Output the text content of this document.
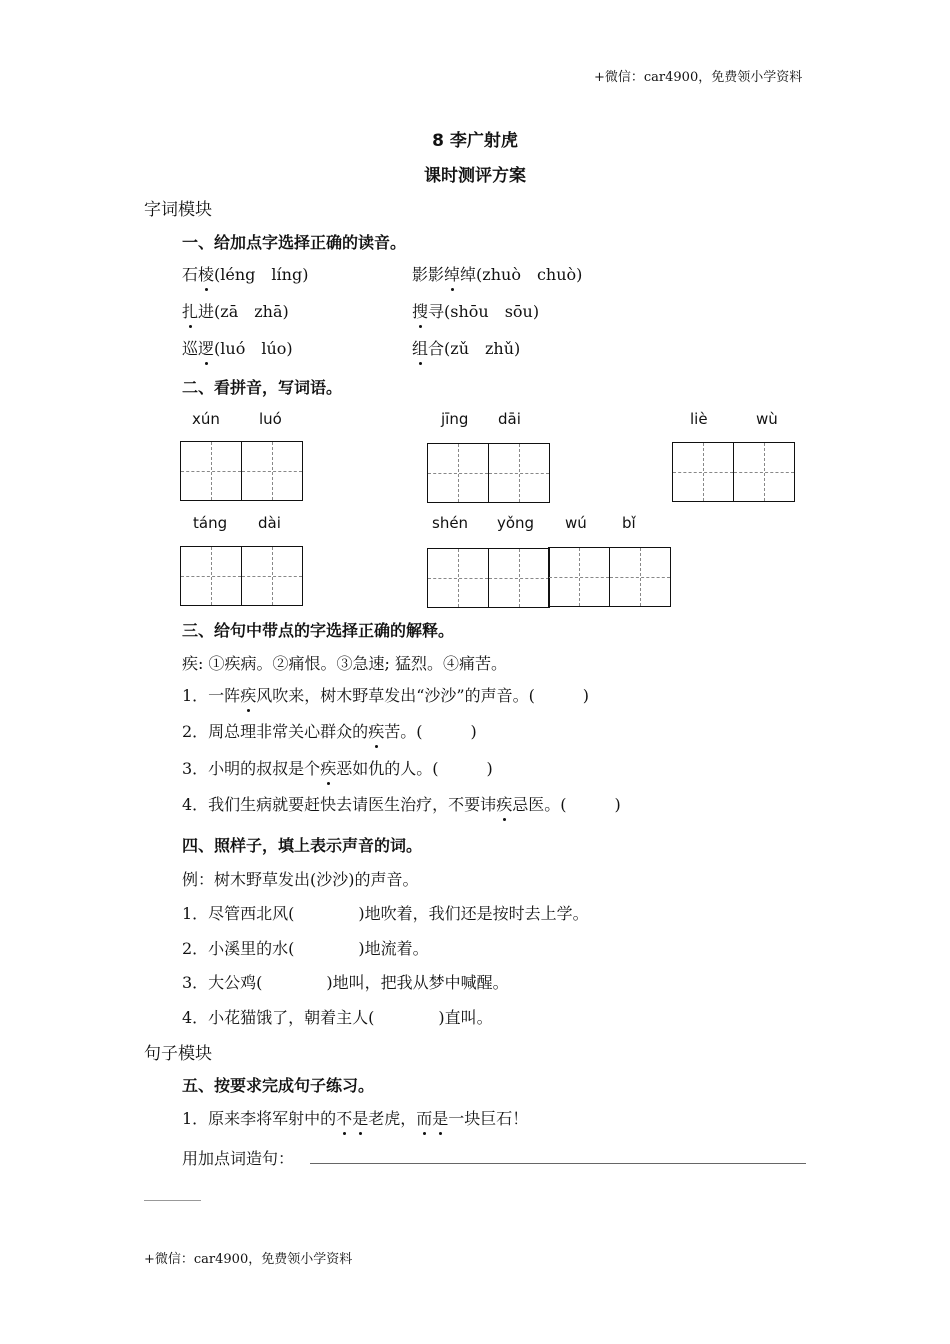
+微信：car4900，免费领小学资料
8 李广射虎
课时测评方案
字词模块
一、给加点字选择正确的读音。
石棱(léng　líng)	影影绰绰(zhuò　chuò)
扎进(zā　zhā)	搜寻(shōu　sōu)
巡逻(luó　lúo)	组合(zǔ　zhǔ)
二、看拼音，写词语。
xún	luó	jīng dāi	liè	wù
táng dài	shén yǒng wú bǐ
三、给句中带点的字选择正确的解释。
疾: ①疾病。②痛恨。③急速; 猛烈。④痛苦。
1．一阵疾风吹来，树木野草发出“沙沙”的声音。(　　　)
2．周总理非常关心群众的疾苦。(　　　)
3．小明的叔叔是个疾恶如仇的人。(　　　)
4．我们生病就要赶快去请医生治疗，不要讳疾忌医。(　　　)
四、照样子，填上表示声音的词。
例：树木野草发出(沙沙)的声音。
1．尽管西北风(　　　　)地吹着，我们还是按时去上学。
2．小溪里的水(　　　　)地流着。
3．大公鸡(　　　　)地叫，把我从梦中喊醒。
4．小花猫饿了，朝着主人(　　　　)直叫。
句子模块
五、按要求完成句子练习。
1．原来李将军射中的不是老虎，而是一块巨石！
用加点词造句：
+微信：car4900，免费领小学资料
